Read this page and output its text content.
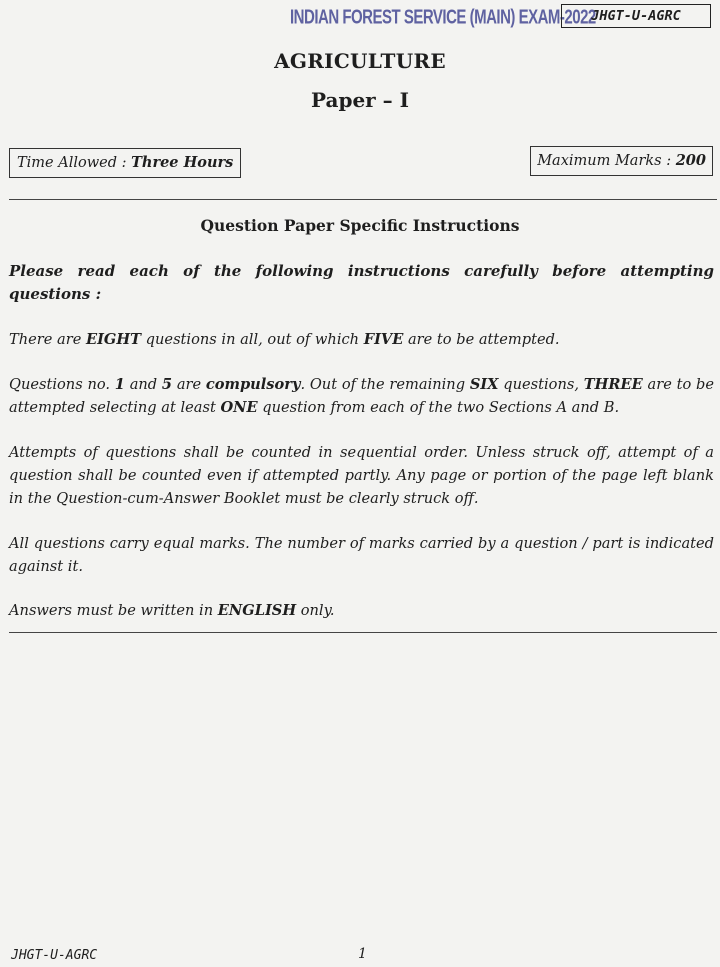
INDIAN FOREST SERVICE (MAIN) EXAM-2022
JHGT-U-AGRC
AGRICULTURE
Paper – I
Time Allowed : Three Hours	Maximum Marks : 200
Question Paper Specific Instructions

Please read each of the following instructions carefully before attempting questions :

There are EIGHT questions in all, out of which FIVE are to be attempted.

Questions no. 1 and 5 are compulsory. Out of the remaining SIX questions, THREE are to be attempted selecting at least ONE question from each of the two Sections A and B.

Attempts of questions shall be counted in sequential order. Unless struck off, attempt of a question shall be counted even if attempted partly. Any page or portion of the page left blank in the Question-cum-Answer Booklet must be clearly struck off.

All questions carry equal marks. The number of marks carried by a question / part is indicated against it.

Answers must be written in ENGLISH only.

JHGT-U-AGRC	1
